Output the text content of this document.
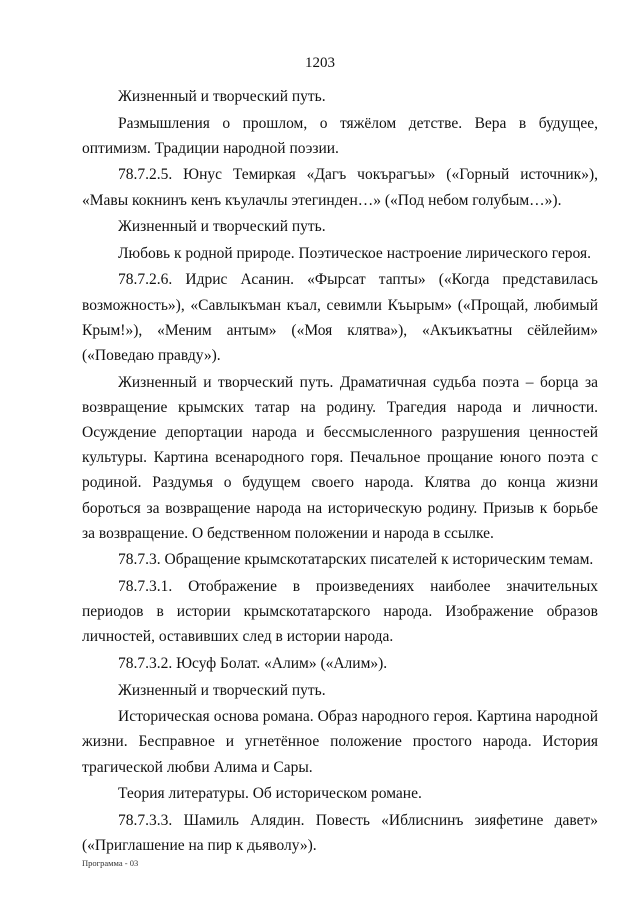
1203

Жизненный и творческий путь.

Размышления о прошлом, о тяжёлом детстве. Вера в будущее, оптимизм. Традиции народной поэзии.

78.7.2.5. Юнус Темиркая «Дагъ чокърагъы» («Горный источник»), «Мавы кокнинъ кенъ къулачлы этегинден…» («Под небом голубым…»).

Жизненный и творческий путь.

Любовь к родной природе. Поэтическое настроение лирического героя.

78.7.2.6. Идрис Асанин. «Фырсат тапты» («Когда представилась возможность»), «Савлыкъман къал, севимли Къырым» («Прощай, любимый Крым!»), «Меним антым» («Моя клятва»), «Акъикъатны сёйлейим» («Поведаю правду»).

Жизненный и творческий путь. Драматичная судьба поэта – борца за возвращение крымских татар на родину. Трагедия народа и личности. Осуждение депортации народа и бессмысленного разрушения ценностей культуры. Картина всенародного горя. Печальное прощание юного поэта с родиной. Раздумья о будущем своего народа. Клятва до конца жизни бороться за возвращение народа на историческую родину. Призыв к борьбе за возвращение. О бедственном положении и народа в ссылке.

78.7.3. Обращение крымскотатарских писателей к историческим темам.

78.7.3.1. Отображение в произведениях наиболее значительных периодов в истории крымскотатарского народа. Изображение образов личностей, оставивших след в истории народа.

78.7.3.2. Юсуф Болат. «Алим» («Алим»).

Жизненный и творческий путь.

Историческая основа романа. Образ народного героя. Картина народной жизни. Бесправное и угнетённое положение простого народа. История трагической любви Алима и Сары.

Теория литературы. Об историческом романе.

78.7.3.3. Шамиль Алядин. Повесть «Иблиснинъ зияфетине давет» («Приглашение на пир к дьяволу»).

Программа - 03
